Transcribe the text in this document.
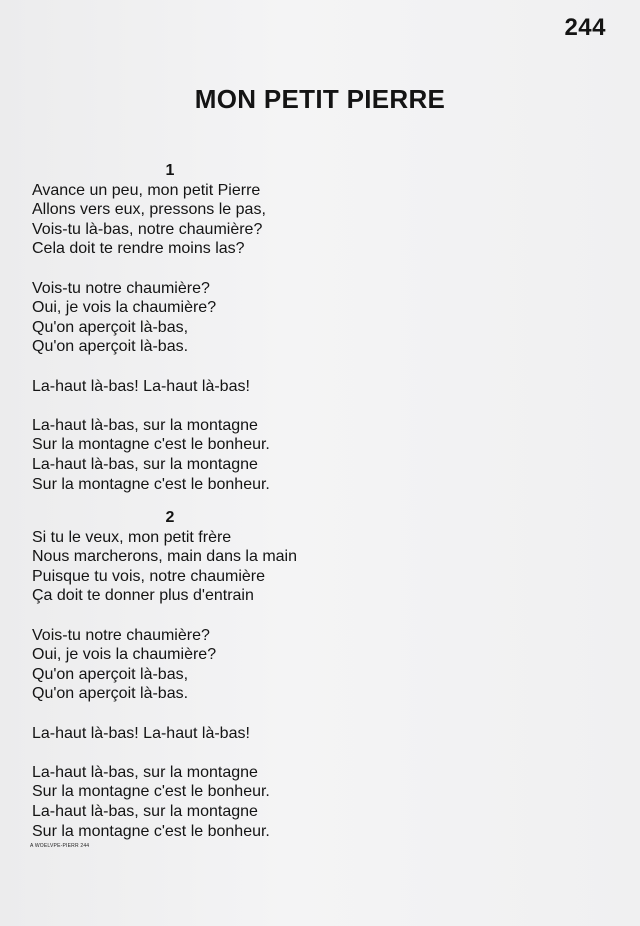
244
MON PETIT PIERRE
1
Avance un peu, mon petit Pierre
Allons vers eux, pressons le pas,
Vois-tu là-bas, notre chaumière?
Cela doit te rendre moins las?
Vois-tu notre chaumière?
Oui, je vois la chaumière?
Qu'on aperçoit là-bas,
Qu'on aperçoit là-bas.
La-haut là-bas! La-haut là-bas!
La-haut là-bas, sur la montagne
Sur la montagne c'est le bonheur.
La-haut là-bas, sur la montagne
Sur la montagne c'est le bonheur.
2
Si tu le veux, mon petit frère
Nous marcherons, main dans la main
Puisque tu vois, notre chaumière
Ça doit te donner plus d'entrain
Vois-tu notre chaumière?
Oui, je vois la chaumière?
Qu'on aperçoit là-bas,
Qu'on aperçoit là-bas.
La-haut là-bas! La-haut là-bas!
La-haut là-bas, sur la montagne
Sur la montagne c'est le bonheur.
La-haut là-bas, sur la montagne
Sur la montagne c'est le bonheur.
A WOELVPE-PIERR 244
